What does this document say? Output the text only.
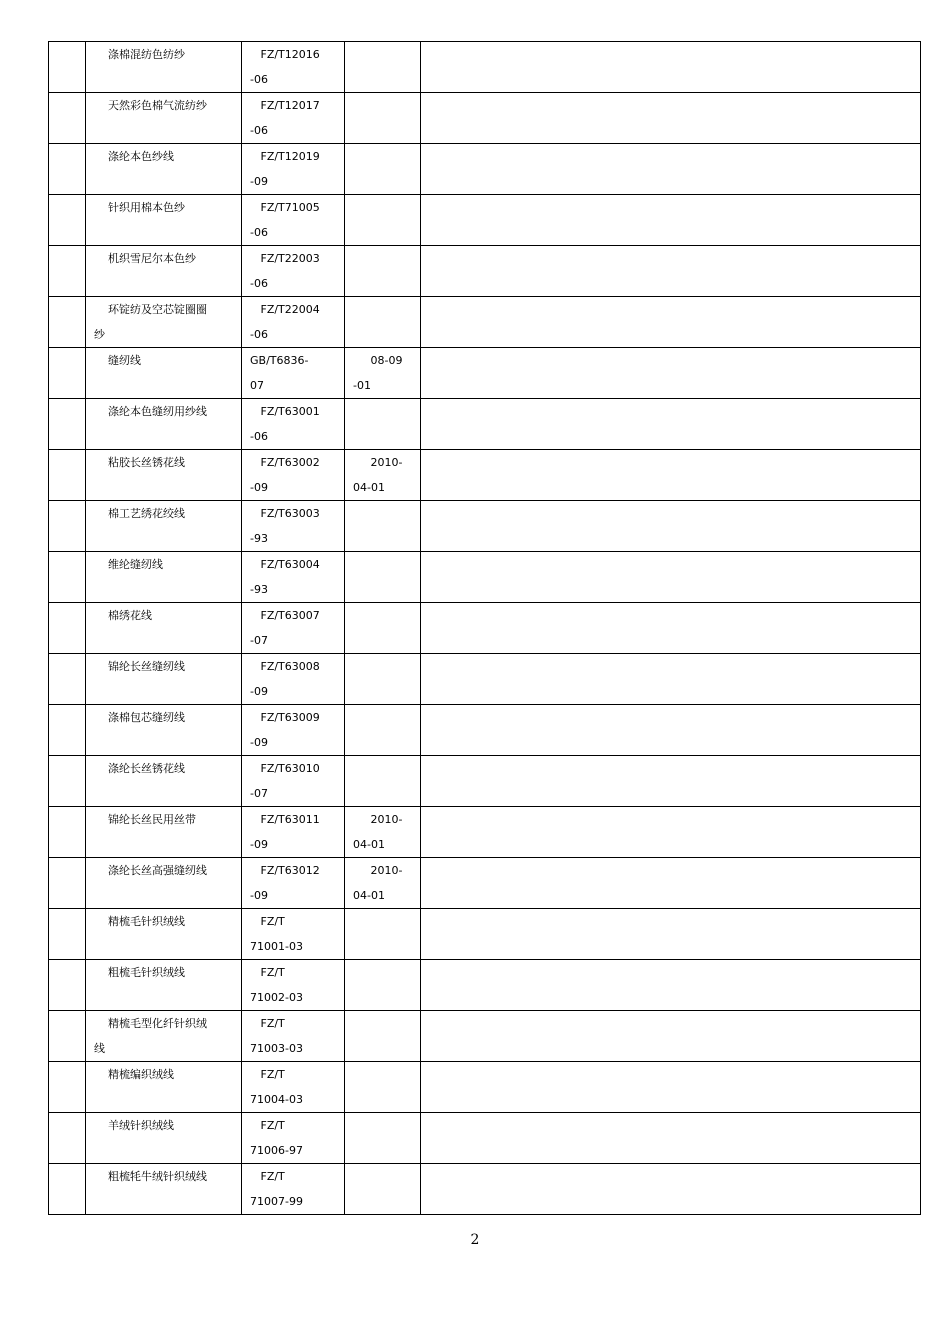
	涤棉混纺色纺纱	FZ/T12016
-06		

	天然彩色棉气流纺纱	FZ/T12017
-06		

	涤纶本色纱线	FZ/T12019
-09		

	针织用棉本色纱	FZ/T71005
-06		

	机织雪尼尔本色纱	FZ/T22003
-06		

	环锭纺及空芯锭圈圈
纱	FZ/T22004
-06		

	缝纫线	GB/T6836-
07	08-09
-01	

	涤纶本色缝纫用纱线	FZ/T63001
-06		

	粘胶长丝锈花线	FZ/T63002
-09	2010-
04-01	

	棉工艺绣花绞线	FZ/T63003
-93		

	维纶缝纫线	FZ/T63004
-93		

	棉绣花线	FZ/T63007
-07		

	锦纶长丝缝纫线	FZ/T63008
-09		

	涤棉包芯缝纫线	FZ/T63009
-09		

	涤纶长丝锈花线	FZ/T63010
-07		

	锦纶长丝民用丝带	FZ/T63011
-09	2010-
04-01	

	涤纶长丝高强缝纫线	FZ/T63012
-09	2010-
04-01	

	精梳毛针织绒线	FZ/T
71001-03		

	粗梳毛针织绒线	FZ/T
71002-03		

	精梳毛型化纤针织绒
线	FZ/T
71003-03		

	精梳编织绒线	FZ/T
71004-03		

	羊绒针织绒线	FZ/T
71006-97		

	粗梳牦牛绒针织绒线	FZ/T
71007-99		

2
